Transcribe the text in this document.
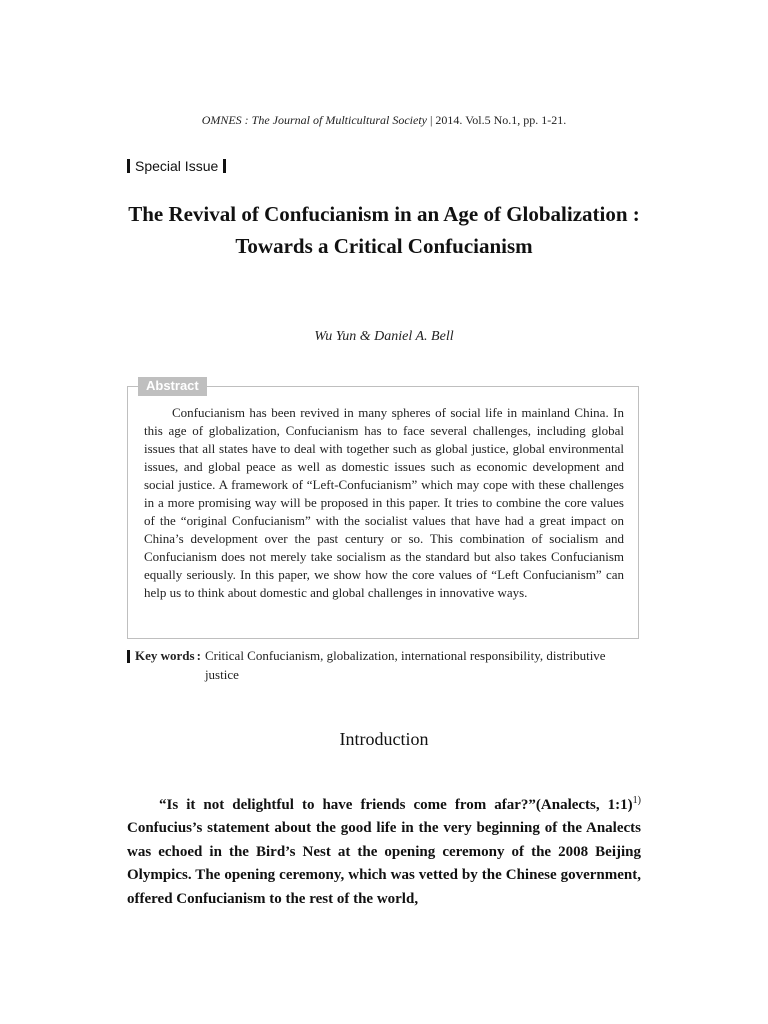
OMNES : The Journal of Multicultural Society | 2014. Vol.5 No.1, pp. 1-21.
Special Issue
The Revival of Confucianism in an Age of Globalization :
Towards a Critical Confucianism
Wu Yun & Daniel A. Bell
Abstract
Confucianism has been revived in many spheres of social life in mainland China. In this age of globalization, Confucianism has to face several challenges, including global issues that all states have to deal with together such as global justice, global environmental issues, and global peace as well as domestic issues such as economic development and social justice. A framework of “Left-Confucianism” which may cope with these challenges in a more promising way will be proposed in this paper. It tries to combine the core values of the “original Confucianism” with the socialist values that have had a great impact on China’s development over the past century or so. This combination of socialism and Confucianism does not merely take socialism as the standard but also takes Confucianism equally seriously. In this paper, we show how the core values of “Left Confucianism” can help us to think about domestic and global challenges in innovative ways.
Key words : Critical Confucianism, globalization, international responsibility, distributive justice
Introduction

“Is it not delightful to have friends come from afar?”(Analects, 1:1)$^{1)}$ Confucius’s statement about the good life in the very beginning of the Analects was echoed in the Bird’s Nest at the opening ceremony of the 2008 Beijing Olympics. The opening ceremony, which was vetted by the Chinese government, offered Confucianism to the rest of the world,
